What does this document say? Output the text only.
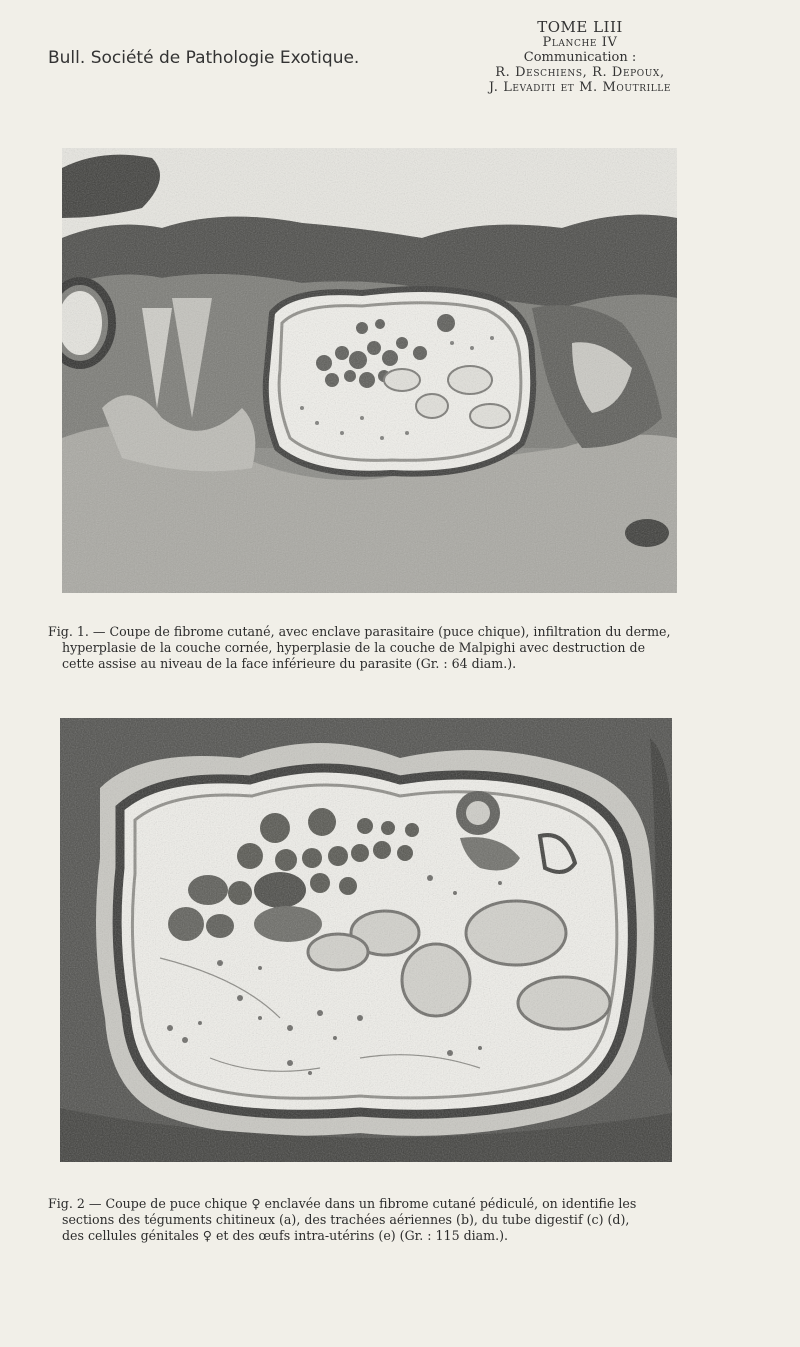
Bull. Société de Pathologie Exotique.
TOME LIII
Planche IV
Communication :
R. Deschiens, R. Depoux,
J. Levaditi et M. Moutrille
Fig. 1. — Coupe de fibrome cutané, avec enclave parasitaire (puce chique), infiltration du derme,
hyperplasie de la couche cornée, hyperplasie de la couche de Malpighi avec destruction de
cette assise au niveau de la face inférieure du parasite (Gr. : 64 diam.).
Fig. 2 — Coupe de puce chique ♀ enclavée dans un fibrome cutané pédiculé, on identifie les
sections des téguments chitineux (a), des trachées aériennes (b), du tube digestif (c) (d),
des cellules génitales ♀ et des œufs intra-utérins (e) (Gr. : 115 diam.).
